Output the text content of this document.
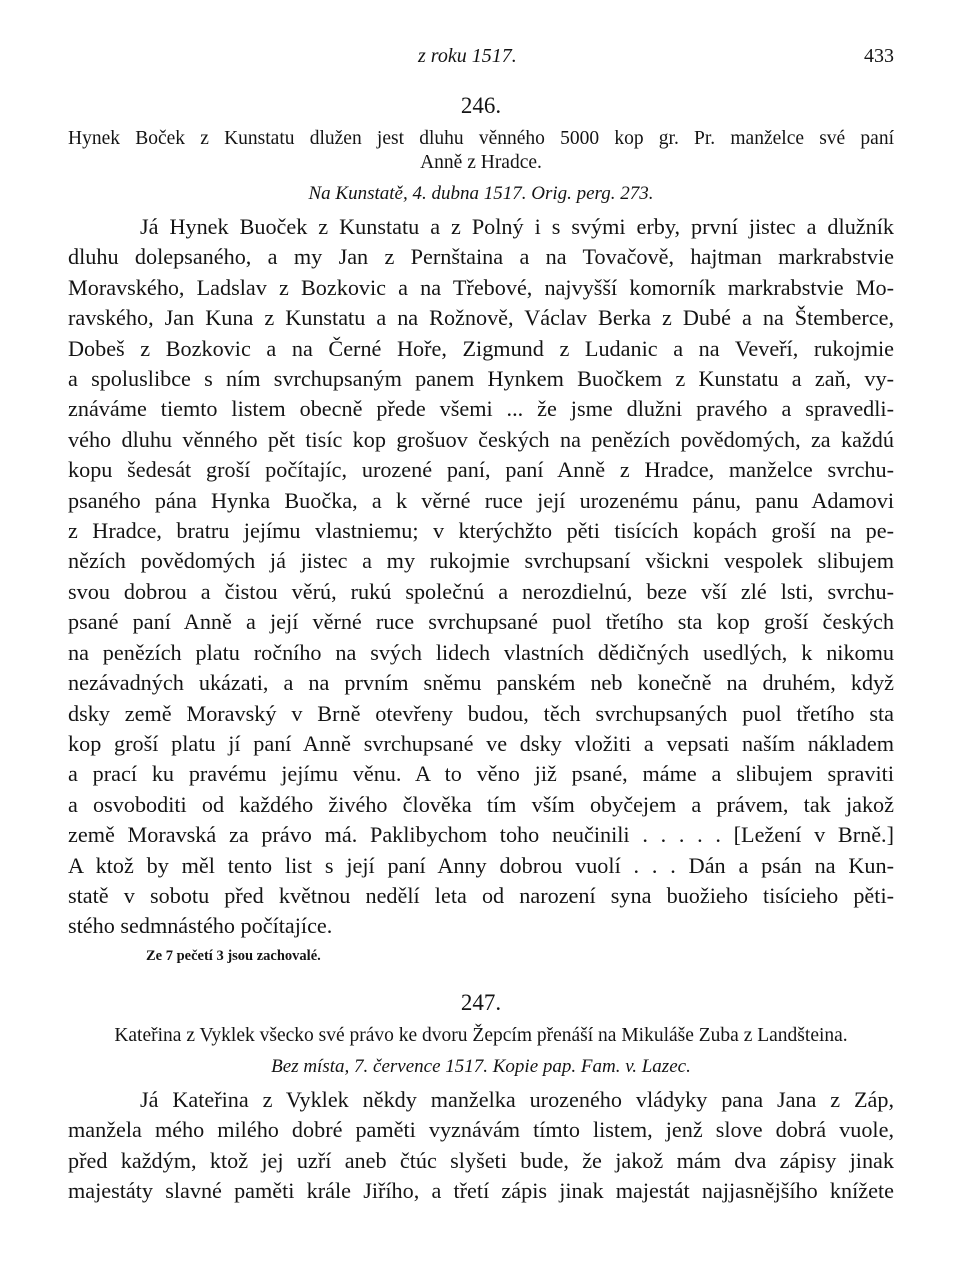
z roku 1517.	433
246.

Hynek Boček z Kunstatu dlužen jest dluhu věnného 5000 kop gr. Pr. manželce své paní
Anně z Hradce.

Na Kunstatě, 4. dubna 1517. Orig. perg. 273.

Já Hynek Buoček z Kunstatu a z Polný i s svými erby, první jistec a dlužník
dluhu dolepsaného, a my Jan z Pernštaina a na Tovačově, hajtman markrabstvie
Moravského, Ladslav z Bozkovic a na Třebové, najvyšší komorník markrabstvie Mo-
ravského, Jan Kuna z Kunstatu a na Rožnově, Václav Berka z Dubé a na Štemberce,
Dobeš z Bozkovic a na Černé Hoře, Zigmund z Ludanic a na Veveří, rukojmie
a spoluslibce s ním svrchupsaným panem Hynkem Buočkem z Kunstatu a zaň, vy-
znáváme tiemto listem obecně přede všemi ... že jsme dlužni pravého a spravedli-
vého dluhu věnného pět tisíc kop grošuov českých na penězích povědomých, za každú
kopu šedesát groší počítajíc, urozené paní, paní Anně z Hradce, manželce svrchu-
psaného pána Hynka Buočka, a k věrné ruce její urozenému pánu, panu Adamovi
z Hradce, bratru jejímu vlastniemu; v kterýchžto pěti tisících kopách groší na pe-
nězích povědomých já jistec a my rukojmie svrchupsaní všickni vespolek slibujem
svou dobrou a čistou věrú, rukú společnú a nerozdielnú, beze vší zlé lsti, svrchu-
psané paní Anně a její věrné ruce svrchupsané puol třetího sta kop groší českých
na penězích platu ročního na svých lidech vlastních dědičných usedlých, k nikomu
nezávadných ukázati, a na prvním sněmu panském neb konečně na druhém, když
dsky země Moravský v Brně otevřeny budou, těch svrchupsaných puol třetího sta
kop groší platu jí paní Anně svrchupsané ve dsky vložiti a vepsati naším nákladem
a prací ku pravému jejímu věnu. A to věno již psané, máme a slibujem spraviti
a osvoboditi od každého živého člověka tím vším obyčejem a právem, tak jakož
země Moravská za právo má. Paklibychom toho neučinili . . . . . [Ležení v Brně.]
A ktož by měl tento list s její paní Anny dobrou vuolí . . . Dán a psán na Kun-
statě v sobotu před květnou nedělí leta od narození syna buožieho tisícieho pěti-
stého sedmnástého počítajíce.

Ze 7 pečetí 3 jsou zachovalé.
247.

Kateřina z Vyklek všecko své právo ke dvoru Žepcím přenáší na Mikuláše Zuba z Landšteina.

Bez místa, 7. července 1517. Kopie pap. Fam. v. Lazec.

Já Kateřina z Vyklek někdy manželka urozeného vládyky pana Jana z Záp,
manžela mého milého dobré paměti vyznávám tímto listem, jenž slove dobrá vuole,
před každým, ktož jej uzří aneb čtúc slyšeti bude, že jakož mám dva zápisy jinak
majestáty slavné paměti krále Jiřího, a třetí zápis jinak majestát najjasnějšího knížete
